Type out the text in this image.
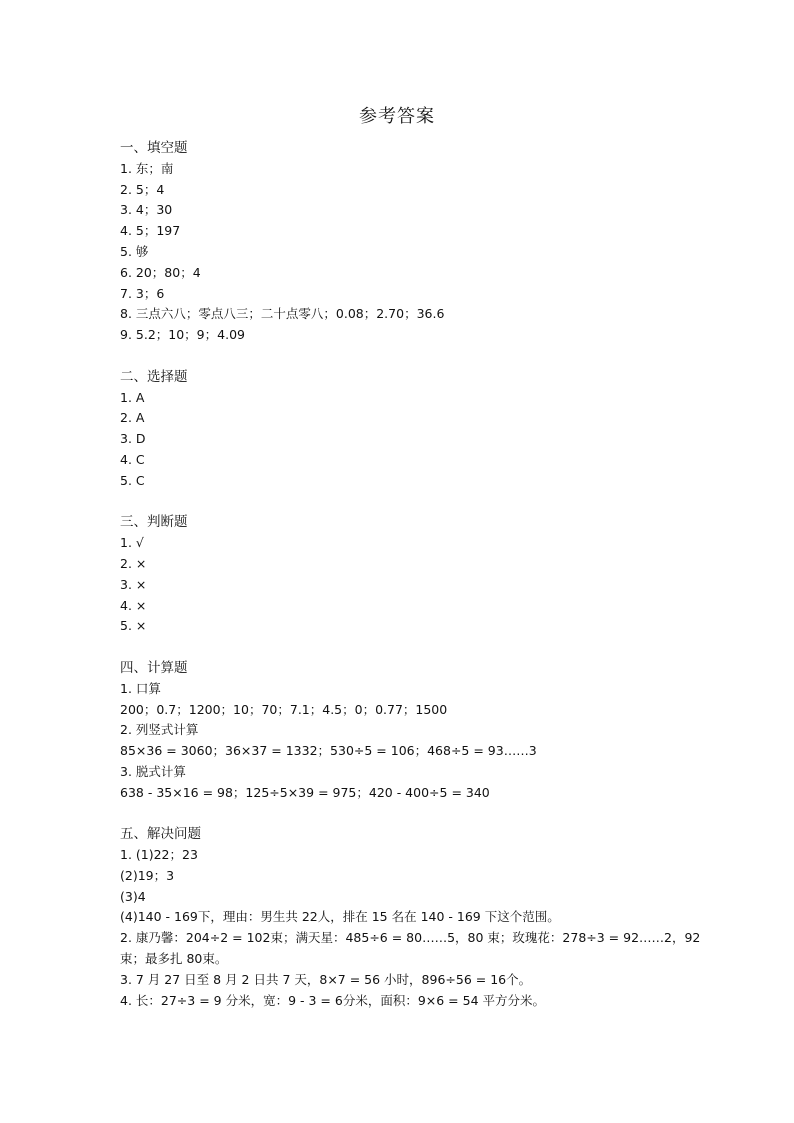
参考答案
一、填空题
1. 东；南
2. 5；4
3. 4；30
4. 5；197
5. 够
6. 20；80；4
7. 3；6
8. 三点六八；零点八三；二十点零八；0.08；2.70；36.6
9. 5.2；10；9；4.09
二、选择题
1. A
2. A
3. D
4. C
5. C
三、判断题
1. √
2. ×
3. ×
4. ×
5. ×
四、计算题
1. 口算
200；0.7；1200；10；70；7.1；4.5；0；0.77；1500
2. 列竖式计算
85×36 = 3060；36×37 = 1332；530÷5 = 106；468÷5 = 93……3
3. 脱式计算
638 - 35×16 = 98；125÷5×39 = 975；420 - 400÷5 = 340
五、解决问题
1. (1)22；23
(2)19；3
(3)4
(4)140 - 169下，理由：男生共 22人，排在 15 名在 140 - 169 下这个范围。
2. 康乃馨：204÷2 = 102束；满天星：485÷6 = 80……5，80 束；玫瑰花：278÷3 = 92……2，92
束；最多扎 80束。
3. 7 月 27 日至 8 月 2 日共 7 天，8×7 = 56 小时，896÷56 = 16个。
4. 长：27÷3 = 9 分米，宽：9 - 3 = 6分米，面积：9×6 = 54 平方分米。
